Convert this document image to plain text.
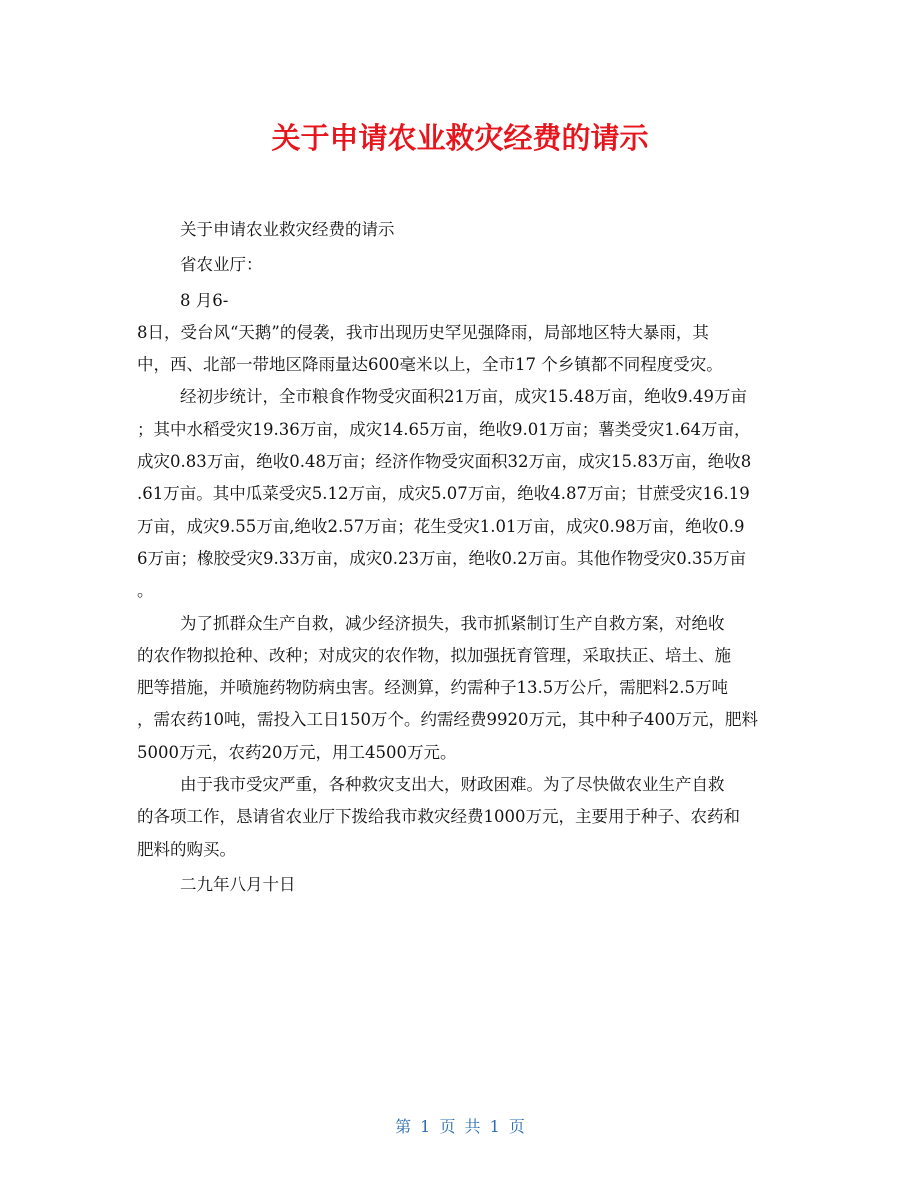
关于申请农业救灾经费的请示
关于申请农业救灾经费的请示
省农业厅：
8 月6-
8日，受台风“天鹅”的侵袭，我市出现历史罕见强降雨，局部地区特大暴雨，其
中，西、北部一带地区降雨量达600毫米以上，全市17 个乡镇都不同程度受灾。
经初步统计，全市粮食作物受灾面积21万亩，成灾15.48万亩，绝收9.49万亩
；其中水稻受灾19.36万亩，成灾14.65万亩，绝收9.01万亩；薯类受灾1.64万亩，
成灾0.83万亩，绝收0.48万亩；经济作物受灾面积32万亩，成灾15.83万亩，绝收8
.61万亩。其中瓜菜受灾5.12万亩，成灾5.07万亩，绝收4.87万亩；甘蔗受灾16.19
万亩，成灾9.55万亩,绝收2.57万亩；花生受灾1.01万亩，成灾0.98万亩，绝收0.9
6万亩；橡胶受灾9.33万亩，成灾0.23万亩，绝收0.2万亩。其他作物受灾0.35万亩
。
为了抓群众生产自救，减少经济损失，我市抓紧制订生产自救方案，对绝收
的农作物拟抢种、改种；对成灾的农作物，拟加强抚育管理，采取扶正、培土、施
肥等措施，并喷施药物防病虫害。经测算，约需种子13.5万公斤，需肥料2.5万吨
，需农药10吨，需投入工日150万个。约需经费9920万元，其中种子400万元，肥料
5000万元，农药20万元，用工4500万元。
由于我市受灾严重，各种救灾支出大，财政困难。为了尽快做农业生产自救
的各项工作，恳请省农业厅下拨给我市救灾经费1000万元，主要用于种子、农药和
肥料的购买。
二九年八月十日
第 1 页 共 1 页
